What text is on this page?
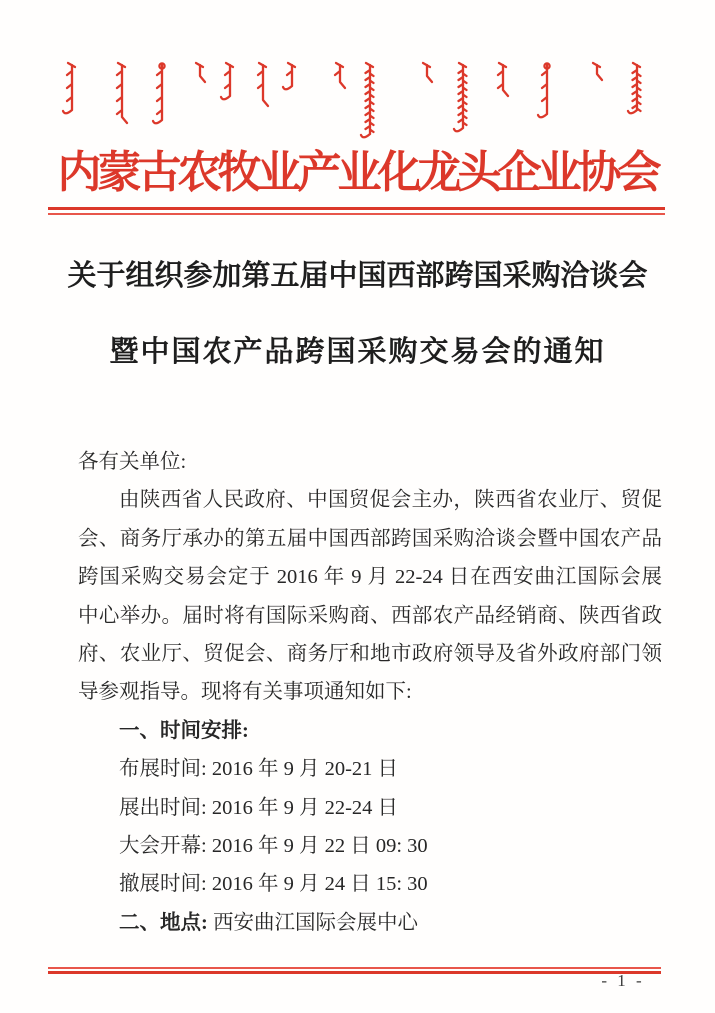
内蒙古农牧业产业化龙头企业协会
关于组织参加第五届中国西部跨国采购洽谈会
暨中国农产品跨国采购交易会的通知
各有关单位:
由陕西省人民政府、中国贸促会主办，陕西省农业厅、贸促
会、商务厅承办的第五届中国西部跨国采购洽谈会暨中国农产品
跨国采购交易会定于 2016 年 9 月 22-24 日在西安曲江国际会展
中心举办。届时将有国际采购商、西部农产品经销商、陕西省政
府、农业厅、贸促会、商务厅和地市政府领导及省外政府部门领
导参观指导。现将有关事项通知如下:
一、时间安排:
布展时间: 2016 年 9 月 20-21 日
展出时间: 2016 年 9 月 22-24 日
大会开幕: 2016 年 9 月 22 日 09: 30
撤展时间: 2016 年 9 月 24 日 15: 30
二、地点: 西安曲江国际会展中心
- 1 -
